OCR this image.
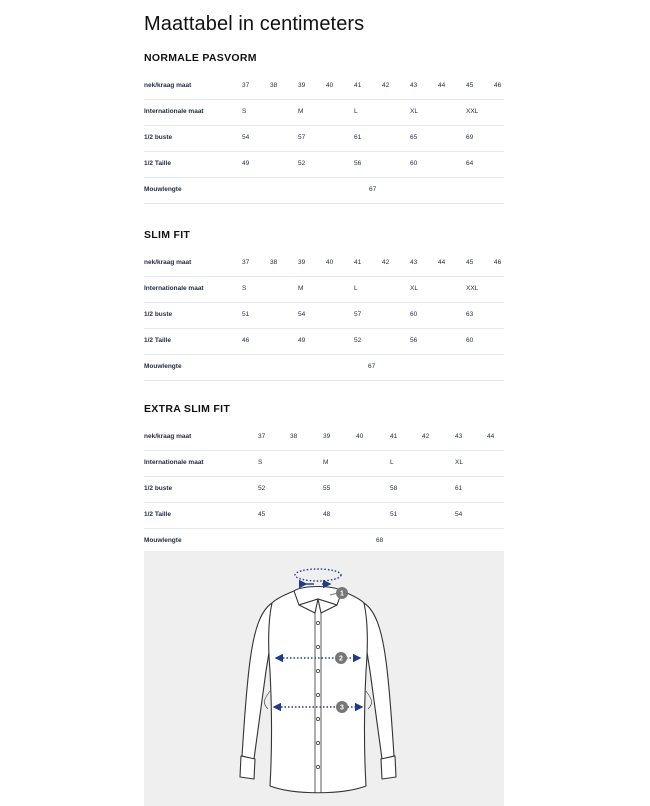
Maattabel in centimeters
NORMALE PASVORM
nek/kraag maat	37	38	39	40	41	42	43	44	45	46
Internationale maat	S	M	L	XL	XXL
1/2 buste	54	57	61	65	69
1/2 Taille	49	52	56	60	64
Mouwlengte	67
SLIM FIT
nek/kraag maat	37	38	39	40	41	42	43	44	45	46
Internationale maat	S	M	L	XL	XXL
1/2 buste	51	54	57	60	63
1/2 Taille	46	49	52	56	60
Mouwlengte	67
EXTRA SLIM FIT
nek/kraag maat	37	38	39	40	41	42	43	44
Internationale maat	S	M	L	XL
1/2 buste	52	55	58	61
1/2 Taille	45	48	51	54
Mouwlengte	68
1
2
3
